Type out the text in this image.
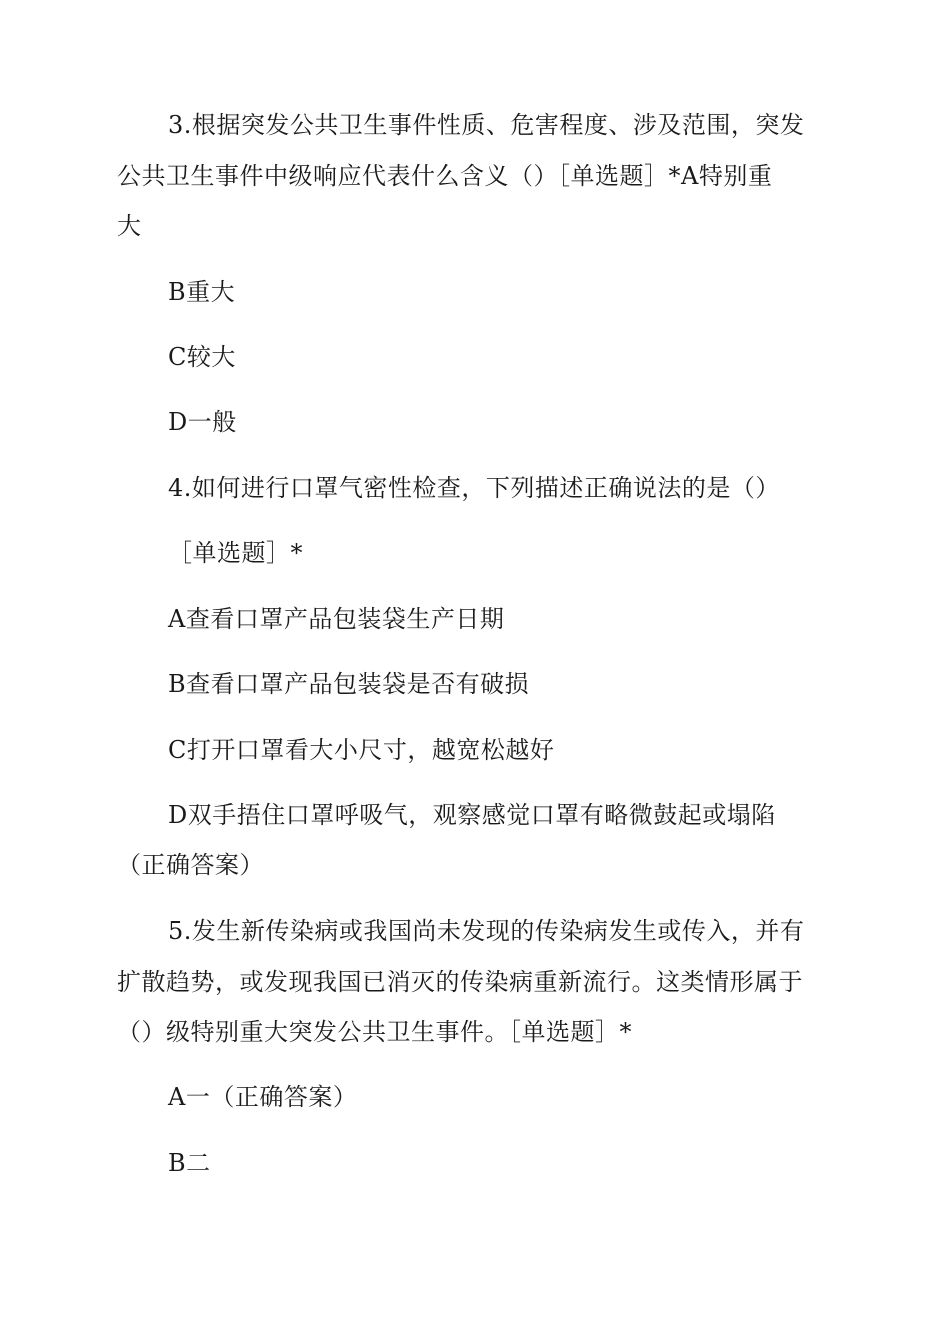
3.根据突发公共卫生事件性质、危害程度、涉及范围，突发
公共卫生事件中级响应代表什么含义（）［单选题］*A特别重
大
B重大
C较大
D一般
4.如何进行口罩气密性检查，下列描述正确说法的是（）
［单选题］*
A查看口罩产品包装袋生产日期
B查看口罩产品包装袋是否有破损
C打开口罩看大小尺寸，越宽松越好
D双手捂住口罩呼吸气，观察感觉口罩有略微鼓起或塌陷
（正确答案）
5.发生新传染病或我国尚未发现的传染病发生或传入，并有
扩散趋势，或发现我国已消灭的传染病重新流行。这类情形属于
（）级特别重大突发公共卫生事件。［单选题］*
A一（正确答案）
B二
